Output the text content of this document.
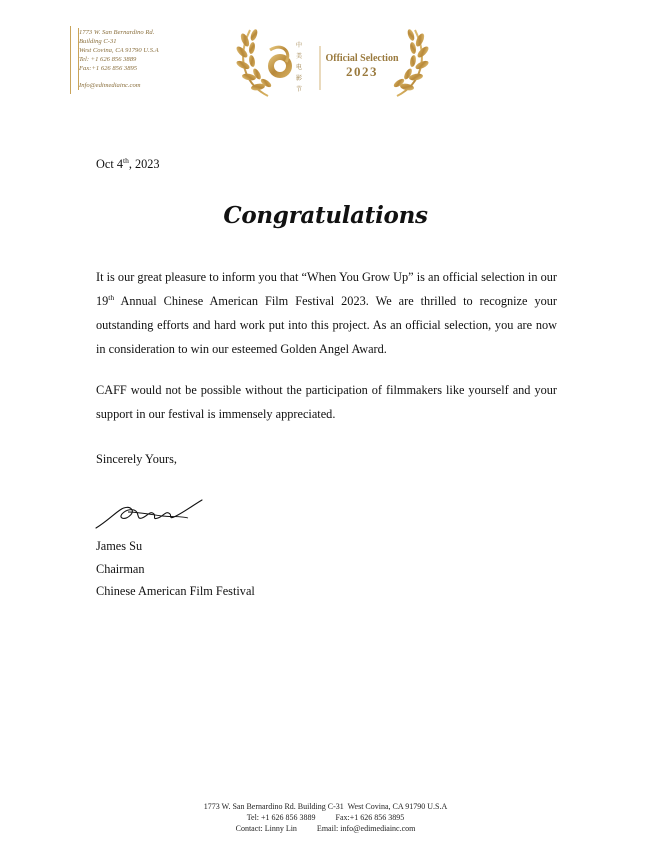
1773 W. San Bernardino Rd.
Building C-31
West Covina, CA 91790 U.S.A
Tel: +1 626 856 3889
Fax:+1 626 856 3895
Info@edimediainc.com
中
美
电
影
节
Official Selection
2023
Oct 4th, 2023
Congratulations
It is our great pleasure to inform you that “When You Grow Up” is an official selection in our 19th Annual Chinese American Film Festival 2023. We are thrilled to recognize your outstanding efforts and hard work put into this project. As an official selection, you are now in consideration to win our esteemed Golden Angel Award.
CAFF would not be possible without the participation of filmmakers like yourself and your support in our festival is immensely appreciated.
Sincerely Yours,
James Su
Chairman
Chinese American Film Festival
1773 W. San Bernardino Rd. Building C-31  West Covina, CA 91790 U.S.A
Tel: +1 626 856 3889          Fax:+1 626 856 3895
Contact: Linny Lin          Email: info@edimediainc.com
